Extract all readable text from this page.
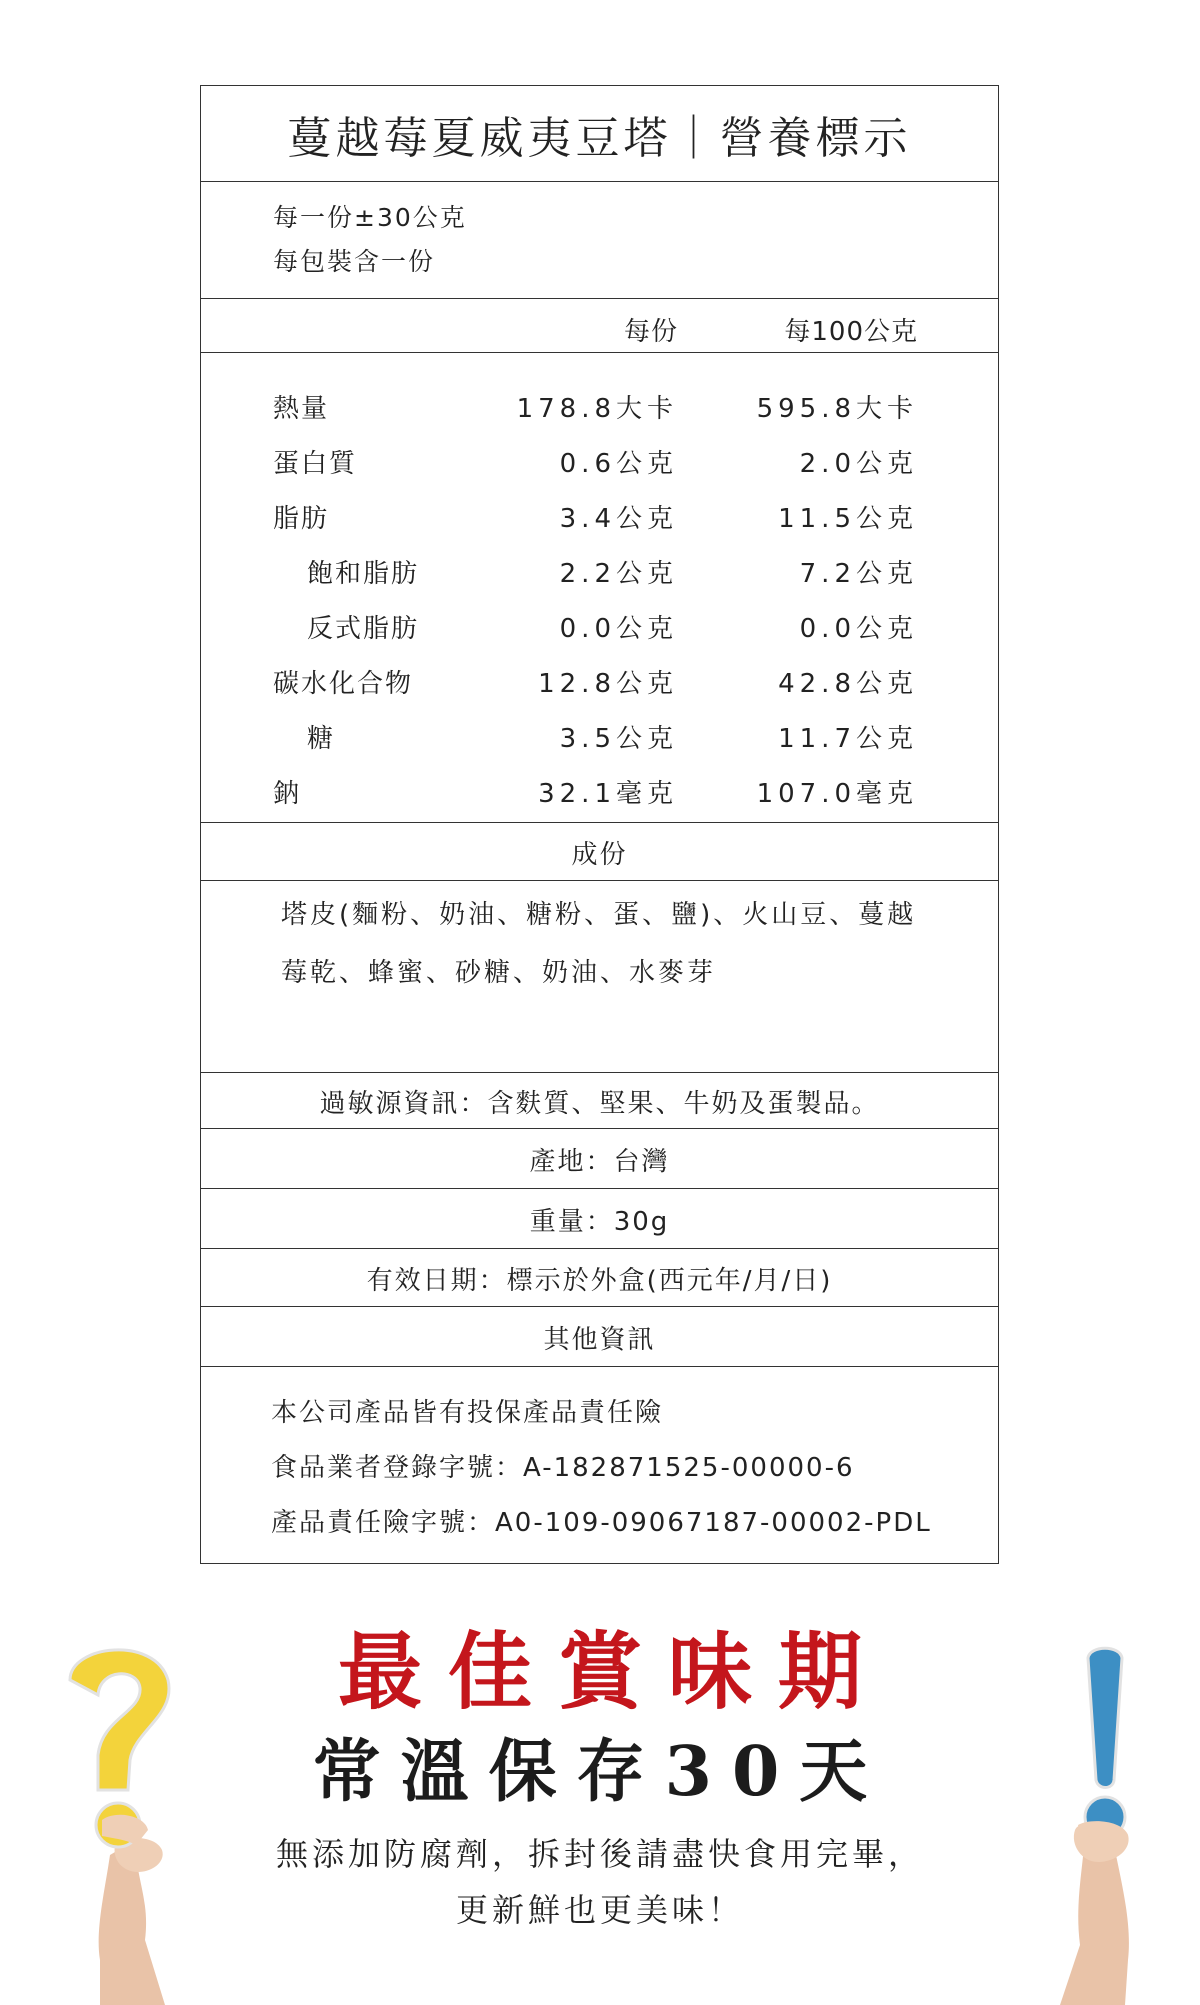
蔓越莓夏威夷豆塔｜營養標示
每一份±30公克
每包裝含一份
每份	每100公克
熱量	178.8大卡	595.8大卡
蛋白質	0.6公克	2.0公克
脂肪	3.4公克	11.5公克
飽和脂肪	2.2公克	7.2公克
反式脂肪	0.0公克	0.0公克
碳水化合物	12.8公克	42.8公克
糖	3.5公克	11.7公克
鈉	32.1毫克	107.0毫克
成份
塔皮(麵粉、奶油、糖粉、蛋、鹽)、火山豆、蔓越
莓乾、蜂蜜、砂糖、奶油、水麥芽
過敏源資訊：含麩質、堅果、牛奶及蛋製品。
產地：台灣
重量：30g
有效日期：標示於外盒(西元年/月/日)
其他資訊
本公司產品皆有投保產品責任險
食品業者登錄字號：A-182871525-00000-6
產品責任險字號：A0-109-09067187-00002-PDL
最佳賞味期
常溫保存30天
無添加防腐劑，拆封後請盡快食用完畢，
更新鮮也更美味！
